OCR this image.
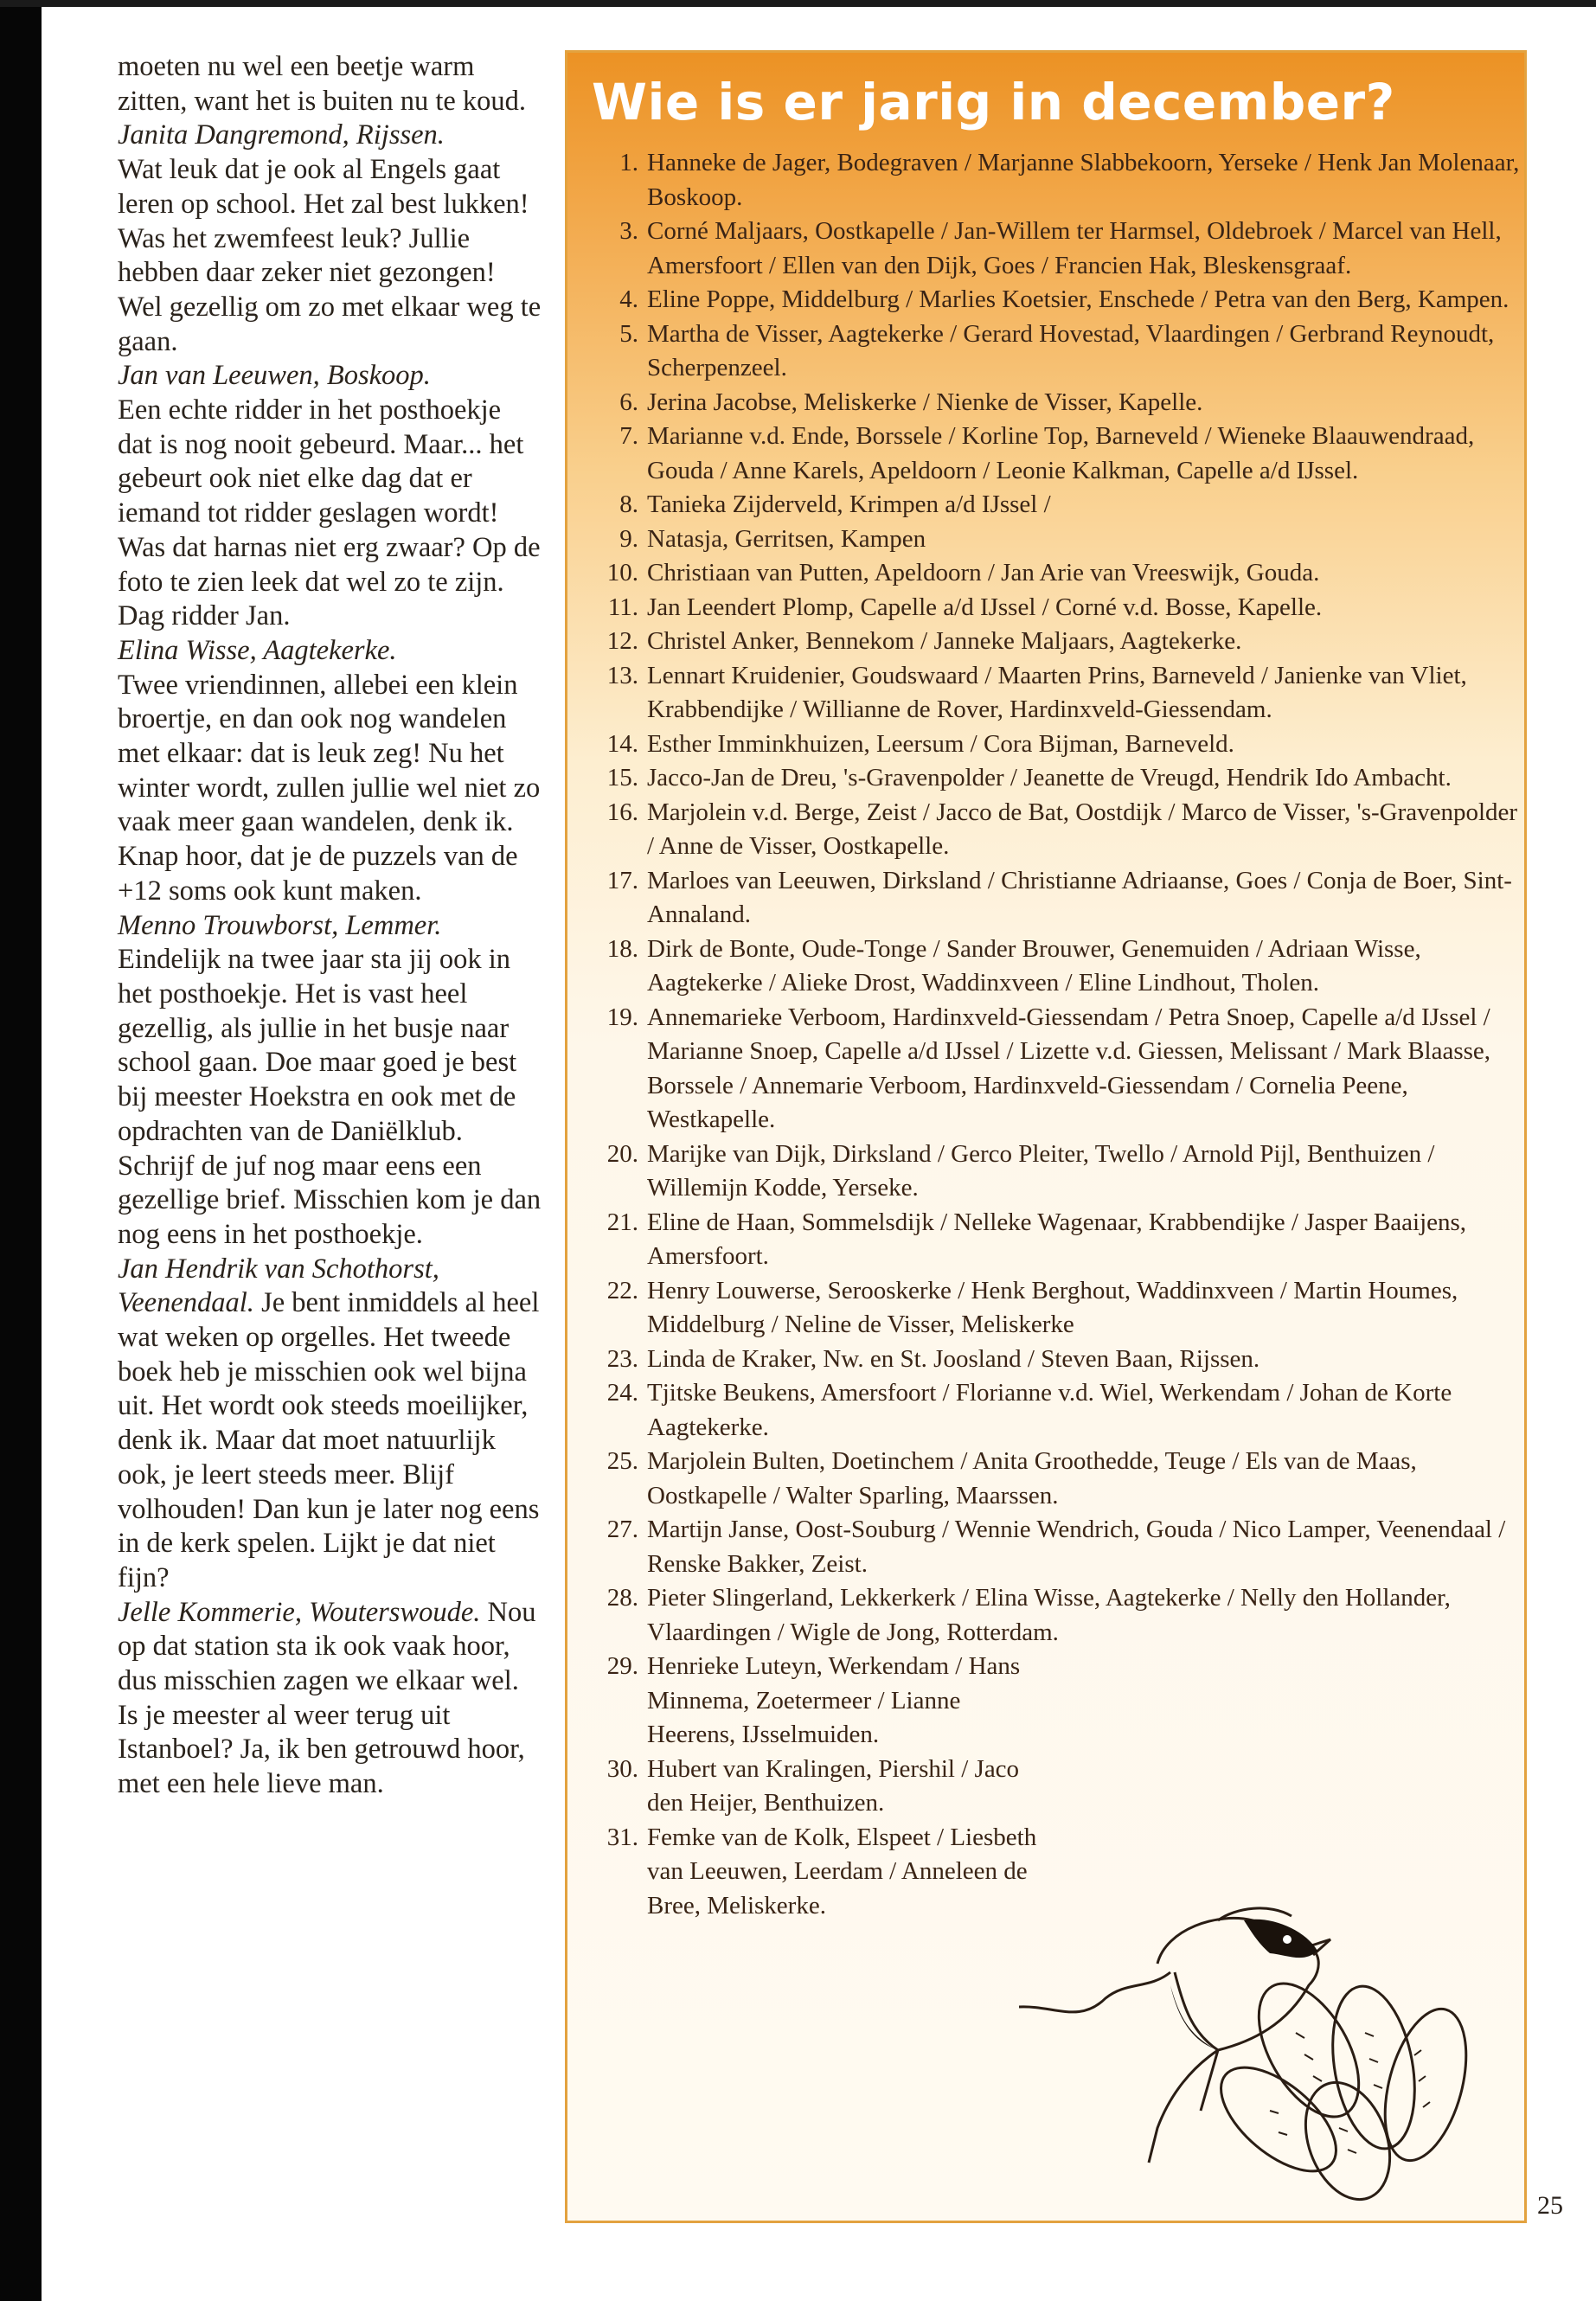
moeten nu wel een beetje warm zitten, want het is buiten nu te koud.

Janita Dangremond, Rijssen.
Wat leuk dat je ook al Engels gaat leren op school. Het zal best lukken! Was het zwemfeest leuk? Jullie hebben daar zeker niet gezongen! Wel gezellig om zo met elkaar weg te gaan.

Jan van Leeuwen, Boskoop.
Een echte ridder in het posthoekje dat is nog nooit gebeurd. Maar... het gebeurt ook niet elke dag dat er iemand tot ridder geslagen wordt! Was dat harnas niet erg zwaar? Op de foto te zien leek dat wel zo te zijn. Dag ridder Jan.

Elina Wisse, Aagtekerke.
Twee vriendinnen, allebei een klein broertje, en dan ook nog wandelen met elkaar: dat is leuk zeg! Nu het winter wordt, zullen jullie wel niet zo vaak meer gaan wandelen, denk ik. Knap hoor, dat je de puzzels van de +12 soms ook kunt maken.

Menno Trouwborst, Lemmer.
Eindelijk na twee jaar sta jij ook in het posthoekje. Het is vast heel gezellig, als jullie in het busje naar school gaan. Doe maar goed je best bij meester Hoekstra en ook met de opdrachten van de Daniëlklub. Schrijf de juf nog maar eens een gezellige brief. Misschien kom je dan nog eens in het posthoekje.

Jan Hendrik van Schothorst, Veenendaal. Je bent inmiddels al heel wat weken op orgelles. Het tweede boek heb je misschien ook wel bijna uit. Het wordt ook steeds moeilijker, denk ik. Maar dat moet natuurlijk ook, je leert steeds meer. Blijf volhouden! Dan kun je later nog eens in de kerk spelen. Lijkt je dat niet fijn?

Jelle Kommerie, Wouterswoude. Nou op dat station sta ik ook vaak hoor, dus misschien zagen we elkaar wel. Is je meester al weer terug uit Istanboel? Ja, ik ben getrouwd hoor, met een hele lieve man.

Wie is er jarig in december?
1. Hanneke de Jager, Bodegraven / Marjanne Slabbekoorn, Yerseke / Henk Jan Molenaar, Boskoop.
3. Corné Maljaars, Oostkapelle / Jan-Willem ter Harmsel, Oldebroek / Marcel van Hell, Amersfoort / Ellen van den Dijk, Goes / Francien Hak, Bleskensgraaf.
4. Eline Poppe, Middelburg / Marlies Koetsier, Enschede / Petra van den Berg, Kampen.
5. Martha de Visser, Aagtekerke / Gerard Hovestad, Vlaardingen / Gerbrand Reynoudt, Scherpenzeel.
6. Jerina Jacobse, Meliskerke / Nienke de Visser, Kapelle.
7. Marianne v.d. Ende, Borssele / Korline Top, Barneveld / Wieneke Blaauwendraad, Gouda / Anne Karels, Apeldoorn / Leonie Kalkman, Capelle a/d IJssel.
8. Tanieka Zijderveld, Krimpen a/d IJssel /
9. Natasja, Gerritsen, Kampen
10. Christiaan van Putten, Apeldoorn / Jan Arie van Vreeswijk, Gouda.
11. Jan Leendert Plomp, Capelle a/d IJssel / Corné v.d. Bosse, Kapelle.
12. Christel Anker, Bennekom / Janneke Maljaars, Aagtekerke.
13. Lennart Kruidenier, Goudswaard / Maarten Prins, Barneveld / Janienke van Vliet, Krabbendijke / Willianne de Rover, Hardinxveld-Giessendam.
14. Esther Imminkhuizen, Leersum / Cora Bijman, Barneveld.
15. Jacco-Jan de Dreu, 's-Gravenpolder / Jeanette de Vreugd, Hendrik Ido Ambacht.
16. Marjolein v.d. Berge, Zeist / Jacco de Bat, Oostdijk / Marco de Visser, 's-Gravenpolder / Anne de Visser, Oostkapelle.
17. Marloes van Leeuwen, Dirksland / Christianne Adriaanse, Goes / Conja de Boer, Sint-Annaland.
18. Dirk de Bonte, Oude-Tonge / Sander Brouwer, Genemuiden / Adriaan Wisse, Aagtekerke / Alieke Drost, Waddinxveen / Eline Lindhout, Tholen.
19. Annemarieke Verboom, Hardinxveld-Giessendam / Petra Snoep, Capelle a/d IJssel / Marianne Snoep, Capelle a/d IJssel / Lizette v.d. Giessen, Melissant / Mark Blaasse, Borssele / Annemarie Verboom, Hardinxveld-Giessendam / Cornelia Peene, Westkapelle.
20. Marijke van Dijk, Dirksland / Gerco Pleiter, Twello / Arnold Pijl, Benthuizen / Willemijn Kodde, Yerseke.
21. Eline de Haan, Sommelsdijk / Nelleke Wagenaar, Krabbendijke / Jasper Baaijens, Amersfoort.
22. Henry Louwerse, Serooskerke / Henk Berghout, Waddinxveen / Martin Houmes, Middelburg / Neline de Visser, Meliskerke
23. Linda de Kraker, Nw. en St. Joosland / Steven Baan, Rijssen.
24. Tjitske Beukens, Amersfoort / Florianne v.d. Wiel, Werkendam / Johan de Korte Aagtekerke.
25. Marjolein Bulten, Doetinchem / Anita Groothedde, Teuge / Els van de Maas, Oostkapelle / Walter Sparling, Maarssen.
27. Martijn Janse, Oost-Souburg / Wennie Wendrich, Gouda / Nico Lamper, Veenendaal / Renske Bakker, Zeist.
28. Pieter Slingerland, Lekkerkerk / Elina Wisse, Aagtekerke / Nelly den Hollander, Vlaardingen / Wigle de Jong, Rotterdam.
29. Henrieke Luteyn, Werkendam / Hans Minnema, Zoetermeer / Lianne Heerens, IJsselmuiden.
30. Hubert van Kralingen, Piershil / Jaco den Heijer, Benthuizen.
31. Femke van de Kolk, Elspeet / Liesbeth van Leeuwen, Leerdam / Anneleen de Bree, Meliskerke.
25
